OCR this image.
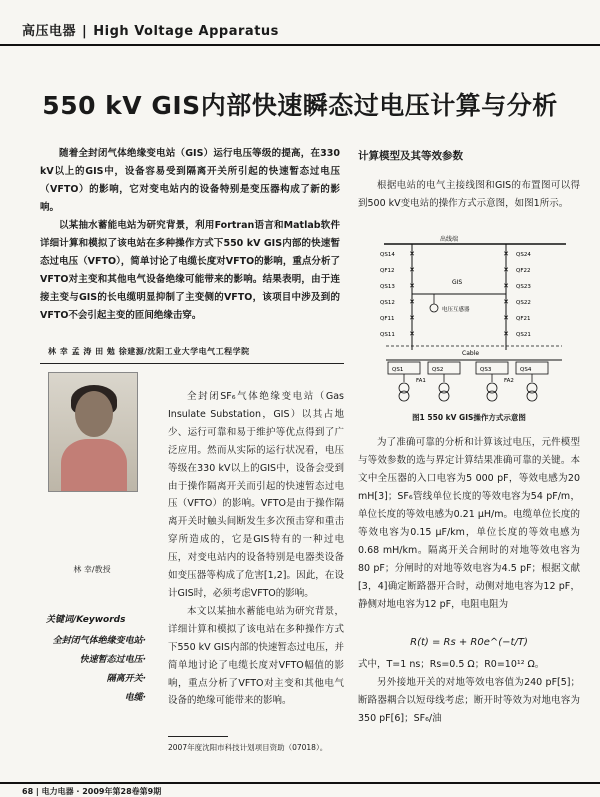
高压电器 | High Voltage Apparatus
550 kV GIS内部快速瞬态过电压计算与分析

随着全封闭气体绝缘变电站（GIS）运行电压等级的提高，在330 kV以上的GIS中，设备容易受到隔离开关所引起的快速暂态过电压（VFTO）的影响，它对变电站内的设备特别是变压器构成了新的影响。

以某抽水蓄能电站为研究背景，利用Fortran语言和Matlab软件详细计算和模拟了该电站在多种操作方式下550 kV GIS内部的快速暂态过电压（VFTO），简单讨论了电缆长度对VFTO的影响，重点分析了VFTO对主变和其他电气设备绝缘可能带来的影响。结果表明，由于连接主变与GIS的长电缆明显抑制了主变侧的VFTO，该项目中涉及到的VFTO不会引起主变的匝间绝缘击穿。

林 幸 孟 涛 田 勉 徐建源/沈阳工业大学电气工程学院
林 幸/教授
关键词/Keywords
全封闭气体绝缘变电站·
快速暂态过电压·
隔离开关·
电缆·

全封闭SF₆气体绝缘变电站（Gas Insulate Substation，GIS）以其占地少、运行可靠和易于维护等优点得到了广泛应用。然而从实际的运行状况看，电压等级在330 kV以上的GIS中，设备会受到由于操作隔离开关而引起的快速暂态过电压（VFTO）的影响。VFTO是由于操作隔离开关时触头间断发生多次预击穿和重击穿所造成的，它是GIS特有的一种过电压，对变电站内的设备特别是电器类设备如变压器等构成了危害[1,2]。因此，在设计GIS时，必须考虑VFTO的影响。

本文以某抽水蓄能电站为研究背景，详细计算和模拟了该电站在多种操作方式下550 kV GIS内部的快速暂态过电压，并简单地讨论了电缆长度对VFTO幅值的影响，重点分析了VFTO对主变和其他电气设备的绝缘可能带来的影响。

2007年度沈阳市科技计划项目资助（07018）。
计算模型及其等效参数

根据电站的电气主接线图和GIS的布置图可以得到500 kV变电站的操作方式示意图，如图1所示。

出线端
✕
✕
✕
✕
✕
✕
✕
✕
✕
✕
✕
✕
QS14
QF12
QS13
QS12
QF11
QS11
QS24
QF22
QS23
QS22
QF21
QS21
GIS
电压互感器
Cable
QS1	QS2	QS3	QS4
FA1	FA2
图1 550 kV GIS操作方式示意图

为了准确可靠的分析和计算该过电压，元件模型与等效参数的选与界定计算结果准确可靠的关键。本文中全压器的入口电容为5 000 pF，等效电感为20 mH[3]；SF₆管线单位长度的等效电容为54 pF/m，单位长度的等效电感为0.21 μH/m。电缆单位长度的等效电容为0.15 μF/km，单位长度的等效电感为0.68 mH/km。隔离开关合闸时的对地等效电容为80 pF；分闸时的对地等效电容为4.5 pF；根据文献[3，4]确定断路器开合时，动侧对地电容为12 pF，静侧对地电容为12 pF，电阻电阻为

R(t) = Rs + R0e^(−t/T)

式中，T=1 ns；Rs=0.5 Ω；R0=10¹² Ω。

另外接地开关的对地等效电容值为240 pF[5]；断路器耦合以短母线考虑；断开时等效为对地电容为350 pF[6]；SF₆/油

68 | 电力电器 · 2009年第28卷第9期
